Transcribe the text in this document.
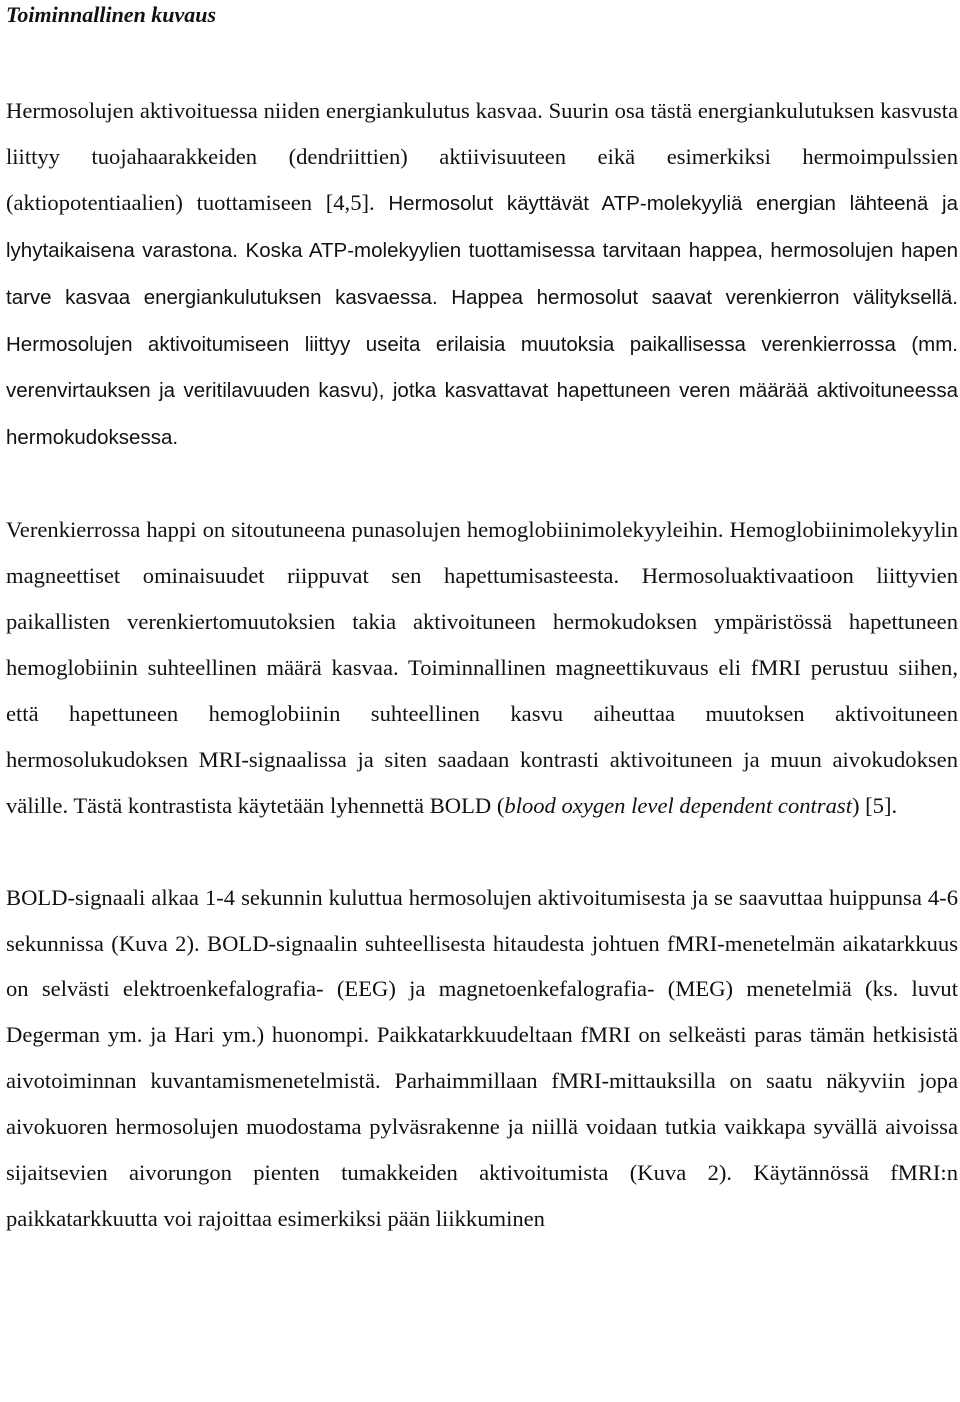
Toiminnallinen kuvaus

Hermosolujen aktivoituessa niiden energiankulutus kasvaa. Suurin osa tästä energiankulutuksen kasvusta liittyy tuojahaarakkeiden (dendriittien) aktiivisuuteen eikä esimerkiksi hermoimpulssien (aktiopotentiaalien) tuottamiseen [4,5]. Hermosolut käyttävät ATP-molekyyliä energian lähteenä ja lyhytaikaisena varastona. Koska ATP-molekyylien tuottamisessa tarvitaan happea, hermosolujen hapen tarve kasvaa energiankulutuksen kasvaessa. Happea hermosolut saavat verenkierron välityksellä. Hermosolujen aktivoitumiseen liittyy useita erilaisia muutoksia paikallisessa verenkierrossa (mm. verenvirtauksen ja veritilavuuden kasvu), jotka kasvattavat hapettuneen veren määrää aktivoituneessa hermokudoksessa.

Verenkierrossa happi on sitoutuneena punasolujen hemoglobiinimolekyyleihin. Hemoglobiinimolekyylin magneettiset ominaisuudet riippuvat sen hapettumisasteesta. Hermosoluaktivaatioon liittyvien paikallisten verenkiertomuutoksien takia aktivoituneen hermokudoksen ympäristössä hapettuneen hemoglobiinin suhteellinen määrä kasvaa. Toiminnallinen magneettikuvaus eli fMRI perustuu siihen, että hapettuneen hemoglobiinin suhteellinen kasvu aiheuttaa muutoksen aktivoituneen hermosolukudoksen MRI-signaalissa ja siten saadaan kontrasti aktivoituneen ja muun aivokudoksen välille. Tästä kontrastista käytetään lyhennettä BOLD (blood oxygen level dependent contrast) [5].

BOLD-signaali alkaa 1-4 sekunnin kuluttua hermosolujen aktivoitumisesta ja se saavuttaa huippunsa 4-6 sekunnissa (Kuva 2). BOLD-signaalin suhteellisesta hitaudesta johtuen fMRI-menetelmän aikatarkkuus on selvästi elektroenkefalografia- (EEG) ja magnetoenkefalografia- (MEG) menetelmiä (ks. luvut Degerman ym. ja Hari ym.) huonompi. Paikkatarkkuudeltaan fMRI on selkeästi paras tämän hetkisistä aivotoiminnan kuvantamismenetelmistä. Parhaimmillaan fMRI-mittauksilla on saatu näkyviin jopa aivokuoren hermosolujen muodostama pylväsrakenne ja niillä voidaan tutkia vaikkapa syvällä aivoissa sijaitsevien aivorungon pienten tumakkeiden aktivoitumista (Kuva 2). Käytännössä fMRI:n paikkatarkkuutta voi rajoittaa esimerkiksi pään liikkuminen
